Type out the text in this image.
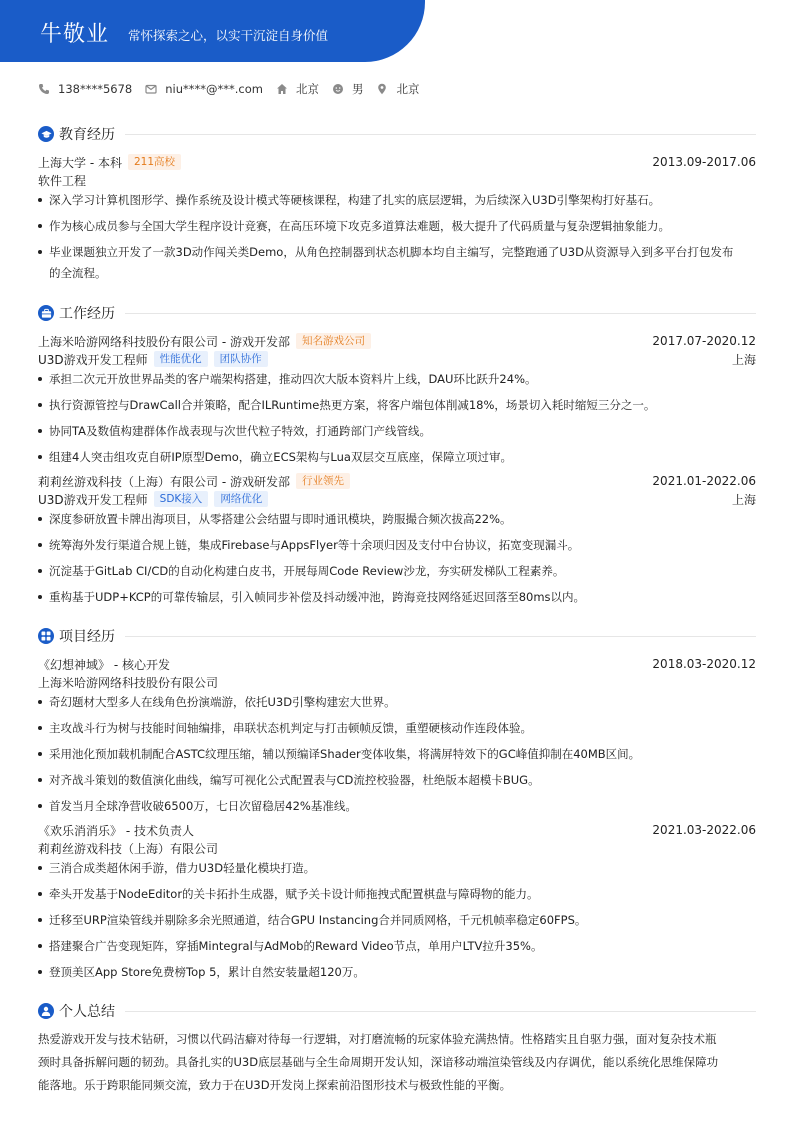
牛敬业 常怀探索之心，以实干沉淀自身价值
138****5678	niu****@***.com	北京	男	北京
教育经历
上海大学 - 本科	211高校	2013.09-2017.06
软件工程
深入学习计算机图形学、操作系统及设计模式等硬核课程，构建了扎实的底层逻辑，为后续深入U3D引擎架构打好基石。
作为核心成员参与全国大学生程序设计竞赛，在高压环境下攻克多道算法难题，极大提升了代码质量与复杂逻辑抽象能力。
毕业课题独立开发了一款3D动作闯关类Demo，从角色控制器到状态机脚本均自主编写，完整跑通了U3D从资源导入到多平台打包发布
的全流程。
工作经历
上海米哈游网络科技股份有限公司 - 游戏开发部	知名游戏公司	2017.07-2020.12
U3D游戏开发工程师	性能优化	团队协作	上海
承担二次元开放世界品类的客户端架构搭建，推动四次大版本资料片上线，DAU环比跃升24%。
执行资源管控与DrawCall合并策略，配合ILRuntime热更方案，将客户端包体削减18%，场景切入耗时缩短三分之一。
协同TA及数值构建群体作战表现与次世代粒子特效，打通跨部门产线管线。
组建4人突击组攻克自研IP原型Demo，确立ECS架构与Lua双层交互底座，保障立项过审。
莉莉丝游戏科技（上海）有限公司 - 游戏研发部	行业领先	2021.01-2022.06
U3D游戏开发工程师	SDK接入	网络优化	上海
深度参研放置卡牌出海项目，从零搭建公会结盟与即时通讯模块，跨服撮合频次拔高22%。
统筹海外发行渠道合规上链，集成Firebase与AppsFlyer等十余项归因及支付中台协议，拓宽变现漏斗。
沉淀基于GitLab CI/CD的自动化构建白皮书，开展每周Code Review沙龙，夯实研发梯队工程素养。
重构基于UDP+KCP的可靠传输层，引入帧同步补偿及抖动缓冲池，跨海竞技网络延迟回落至80ms以内。
项目经历
《幻想神域》 - 核心开发	2018.03-2020.12
上海米哈游网络科技股份有限公司
奇幻题材大型多人在线角色扮演端游，依托U3D引擎构建宏大世界。
主攻战斗行为树与技能时间轴编排，串联状态机判定与打击顿帧反馈，重塑硬核动作连段体验。
采用池化预加载机制配合ASTC纹理压缩，辅以预编译Shader变体收集，将满屏特效下的GC峰值抑制在40MB区间。
对齐战斗策划的数值演化曲线，编写可视化公式配置表与CD流控校验器，杜绝版本超模卡BUG。
首发当月全球净营收破6500万，七日次留稳居42%基准线。
《欢乐消消乐》 - 技术负责人	2021.03-2022.06
莉莉丝游戏科技（上海）有限公司
三消合成类超休闲手游，借力U3D轻量化模块打造。
牵头开发基于NodeEditor的关卡拓扑生成器，赋予关卡设计师拖拽式配置棋盘与障碍物的能力。
迁移至URP渲染管线并剔除多余光照通道，结合GPU Instancing合并同质网格，千元机帧率稳定60FPS。
搭建聚合广告变现矩阵，穿插Mintegral与AdMob的Reward Video节点，单用户LTV拉升35%。
登顶美区App Store免费榜Top 5，累计自然安装量超120万。
个人总结
热爱游戏开发与技术钻研，习惯以代码洁癖对待每一行逻辑，对打磨流畅的玩家体验充满热情。性格踏实且自驱力强，面对复杂技术瓶
颈时具备拆解问题的韧劲。具备扎实的U3D底层基础与全生命周期开发认知，深谙移动端渲染管线及内存调优，能以系统化思维保障功
能落地。乐于跨职能同频交流，致力于在U3D开发岗上探索前沿图形技术与极致性能的平衡。
